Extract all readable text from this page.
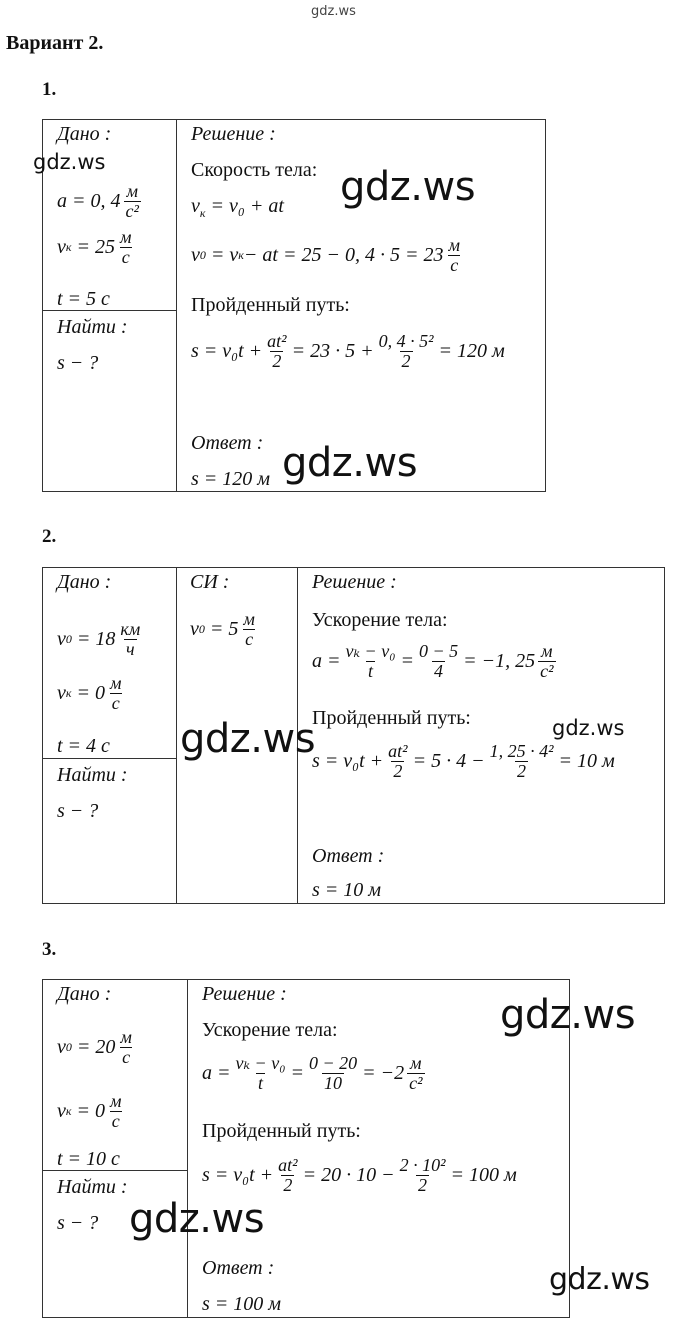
gdz.ws
Вариант 2.
1.
Дано :
a = 0, $4 \frac{м}{\text{с²}}$
v к
= $25 \frac{м}{с}$
t = 5 с

Решение :
Скорость тела:
$v_к = v_0$ + at
v 0 = v к − at = 25 − 0, $4 \cdot 5 = 23 \frac{м}{с}$
Пройденный путь:
$s = v_0t + \frac{\text{at²}}{2} = 23 \cdot 5 + \frac{\text{0, 4 · 5²}}{2} = 120$ м
Ответ :
s = 120 м

Найти :
s − ?
2.
Дано :
v 0
= $18 \frac{км}{ч}$
v к
= $0 \frac{м}{с}$
t = 4 с

СИ :
v 0
= $5 \frac{м}{с}$

Решение :
Ускорение тела:
$a = \frac{\text{vₖ − v₀}}{t} = \frac{0 - 5}{4} = -1$, $25 \frac{м}{\text{с²}}$
Пройденный путь:
$s = v_0t + \frac{\text{at²}}{2} = 5 \cdot 4 - \frac{\text{1, 25 · 4²}}{2} = 10$ м
Ответ :
s = 10 м

Найти :
s − ?
3.
Дано :
v 0
= $20 \frac{м}{с}$
v к
= $0 \frac{м}{с}$
t = 10 с

Решение :
Ускорение тела:
$a = \frac{\text{vₖ − v₀}}{t} = \frac{0 - 20}{10} = -2 \frac{м}{\text{с²}}$
Пройденный путь:
$s = v_0t + \frac{\text{at²}}{2} = 20 \cdot 10 - \frac{\text{2 · 10²}}{2} = 100$ м
Ответ :
s = 100 м

Найти :
s − ?
gdz.ws
gdz.ws
gdz.ws
gdz.ws	gdz.ws
gdz.ws
gdz.ws
gdz.ws
